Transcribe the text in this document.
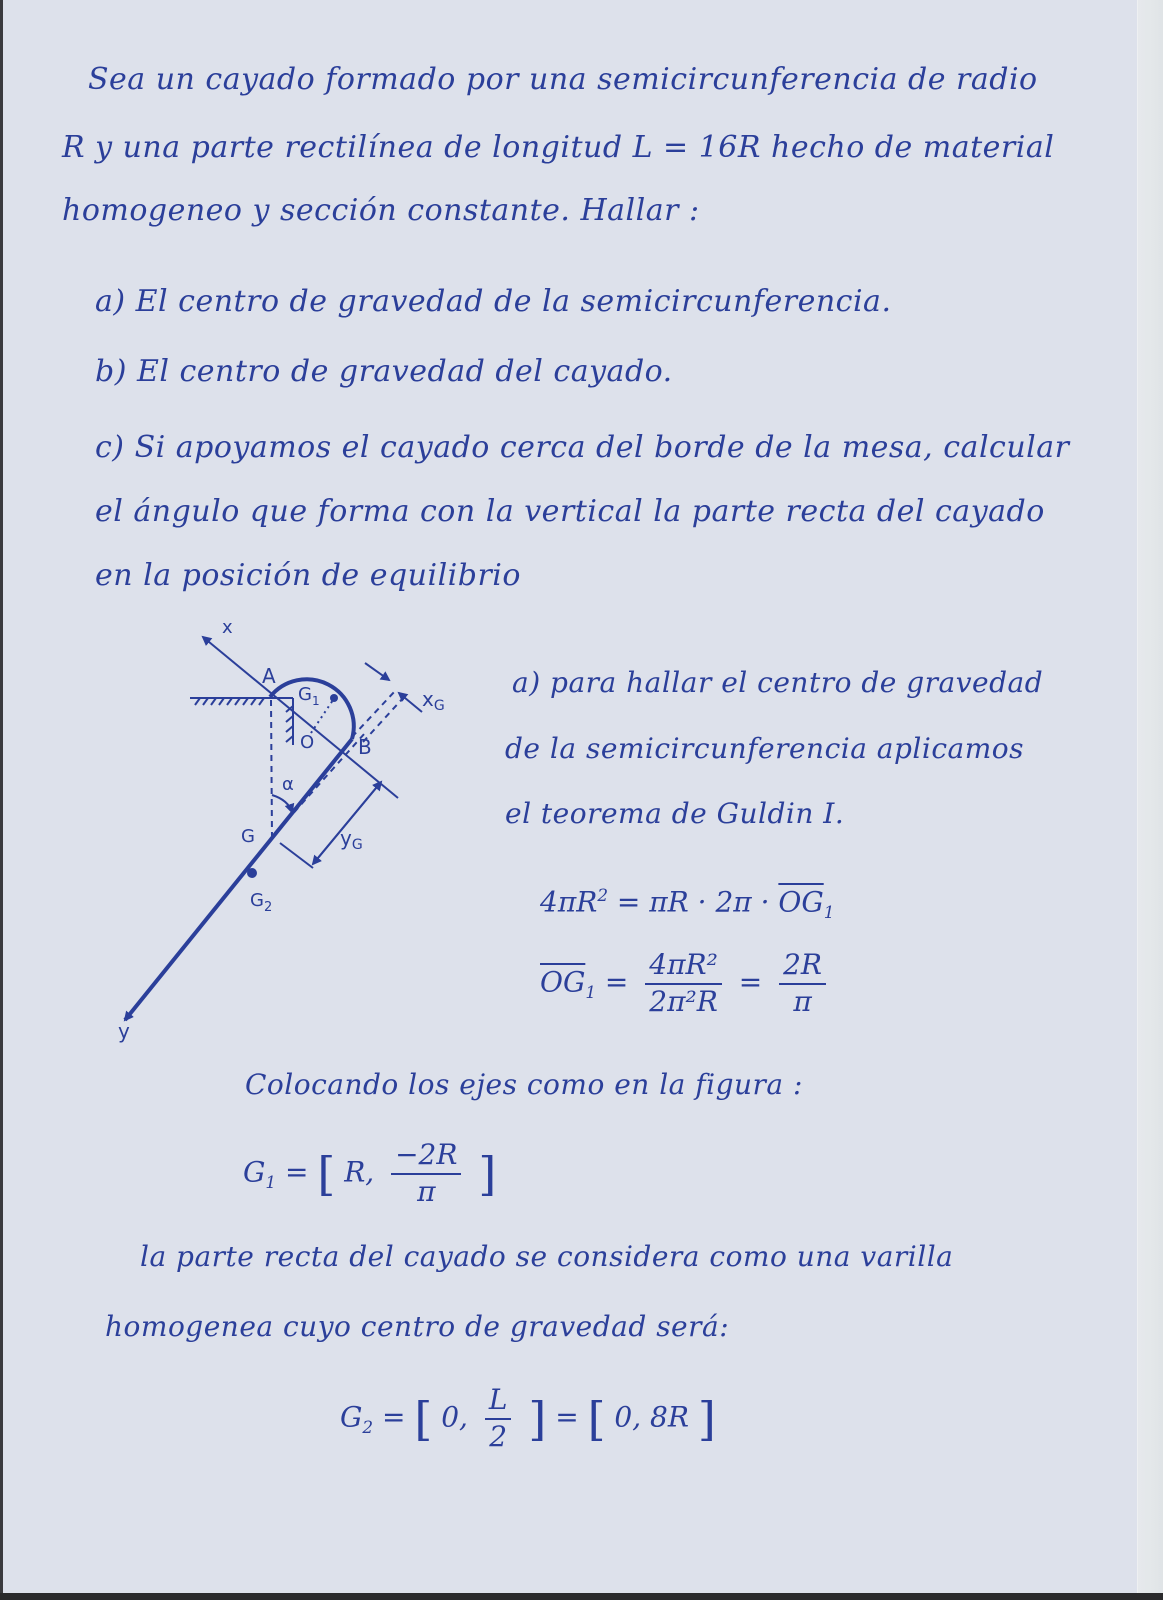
Sea un cayado formado por una semicircunferencia de radio
R y una parte rectilínea de longitud L = 16R hecho de material
homogeneo y sección constante. Hallar :
a) El centro de gravedad de la semicircunferencia.
b) El centro de gravedad del cayado.
c) Si apoyamos el cayado cerca del borde de la mesa, calcular
el ángulo que forma con la vertical la parte recta del cayado
en la posición de equilibrio
x
y
A
$G_1$
O B
α
G
$G_2$
$x_G$
$y_G$
a) para hallar el centro de gravedad
de la semicircunferencia aplicamos
el teorema de Guldin I.
$4\pi R^2 = \pi R \cdot 2\pi \cdot \overline{OG}_1$
$\overline{OG}_1 = \frac{\text{4πR²}}{\text{2π²R}} = \frac{2R}{\pi}$
Colocando los ejes como en la figura :
$G_1$ = [ R, $\frac{-2R}{\pi}$ ]
la parte recta del cayado se considera como una varilla
homogenea cuyo centro de gravedad será:
$G_2$ = [ 0, $\frac{L}{2}$ ] = [ 0, 8R ]
